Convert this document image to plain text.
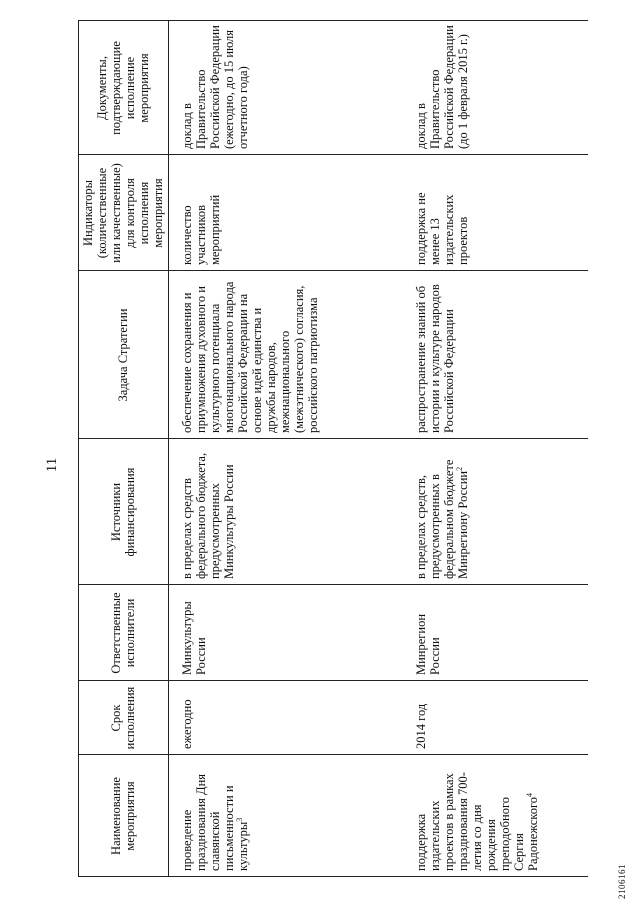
11
2106161
Наименование мероприятия
Срок исполнения
Ответственные исполнители
Источники финансирования
Задача Стратегии
Индикаторы (количественные или качественные) для контроля исполнения мероприятия
Документы, подтверждающие исполнение мероприятия
проведение празднования Дня славянской письменности и культуры$^3$
ежегодно
Минкультуры России
в пределах средств федерального бюджета, предусмотренных Минкультуры России
обеспечение сохранения и приумножения духовного и культурного потенциала многонационального народа Российской Федерации на основе идей единства и дружбы народов, межнационального (межэтнического) согласия, российского патриотизма
количество участников мероприятий
доклад в Правительство Российской Федерации (ежегодно, до 15 июля отчетного года)
поддержка издательских проектов в рамках празднования 700-летия со дня рождения преподобного Сергия Радонежского$^4$
2014 год
Минрегион России
в пределах средств, предусмотренных в федеральном бюджете Минрегиону России$^2$
распространение знаний об истории и культуре народов Российской Федерации
поддержка не менее 13 издательских проектов
доклад в Правительство Российской Федерации (до 1 февраля 2015 г.)
